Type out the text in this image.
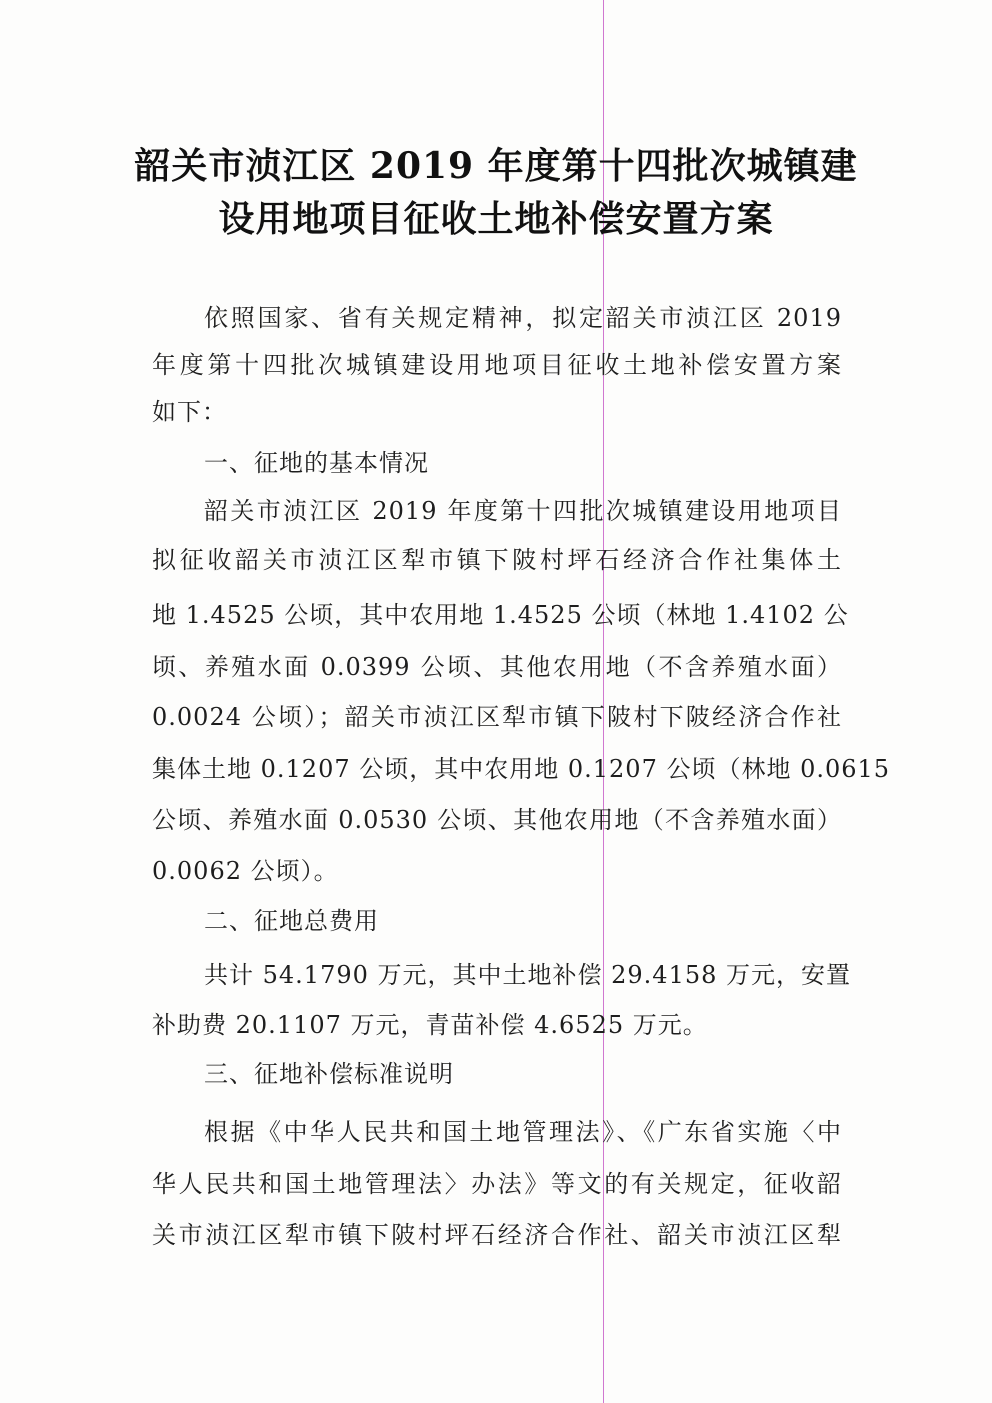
韶关市浈江区 2019 年度第十四批次城镇建
设用地项目征收土地补偿安置方案

依照国家、省有关规定精神，拟定韶关市浈江区 2019

年度第十四批次城镇建设用地项目征收土地补偿安置方案

如下：

一、征地的基本情况

韶关市浈江区 2019 年度第十四批次城镇建设用地项目

拟征收韶关市浈江区犁市镇下陂村坪石经济合作社集体土

地 1.4525 公顷，其中农用地 1.4525 公顷（林地 1.4102 公

顷、养殖水面 0.0399 公顷、其他农用地（不含养殖水面）

0.0024 公顷）；韶关市浈江区犁市镇下陂村下陂经济合作社

集体土地 0.1207 公顷，其中农用地 0.1207 公顷（林地 0.0615

公顷、养殖水面 0.0530 公顷、其他农用地（不含养殖水面）

0.0062 公顷）。

二、征地总费用

共计 54.1790 万元，其中土地补偿 29.4158 万元，安置

补助费 20.1107 万元，青苗补偿 4.6525 万元。

三、征地补偿标准说明

根据《中华人民共和国土地管理法》、《广东省实施〈中

华人民共和国土地管理法〉办法》等文的有关规定，征收韶

关市浈江区犁市镇下陂村坪石经济合作社、韶关市浈江区犁
